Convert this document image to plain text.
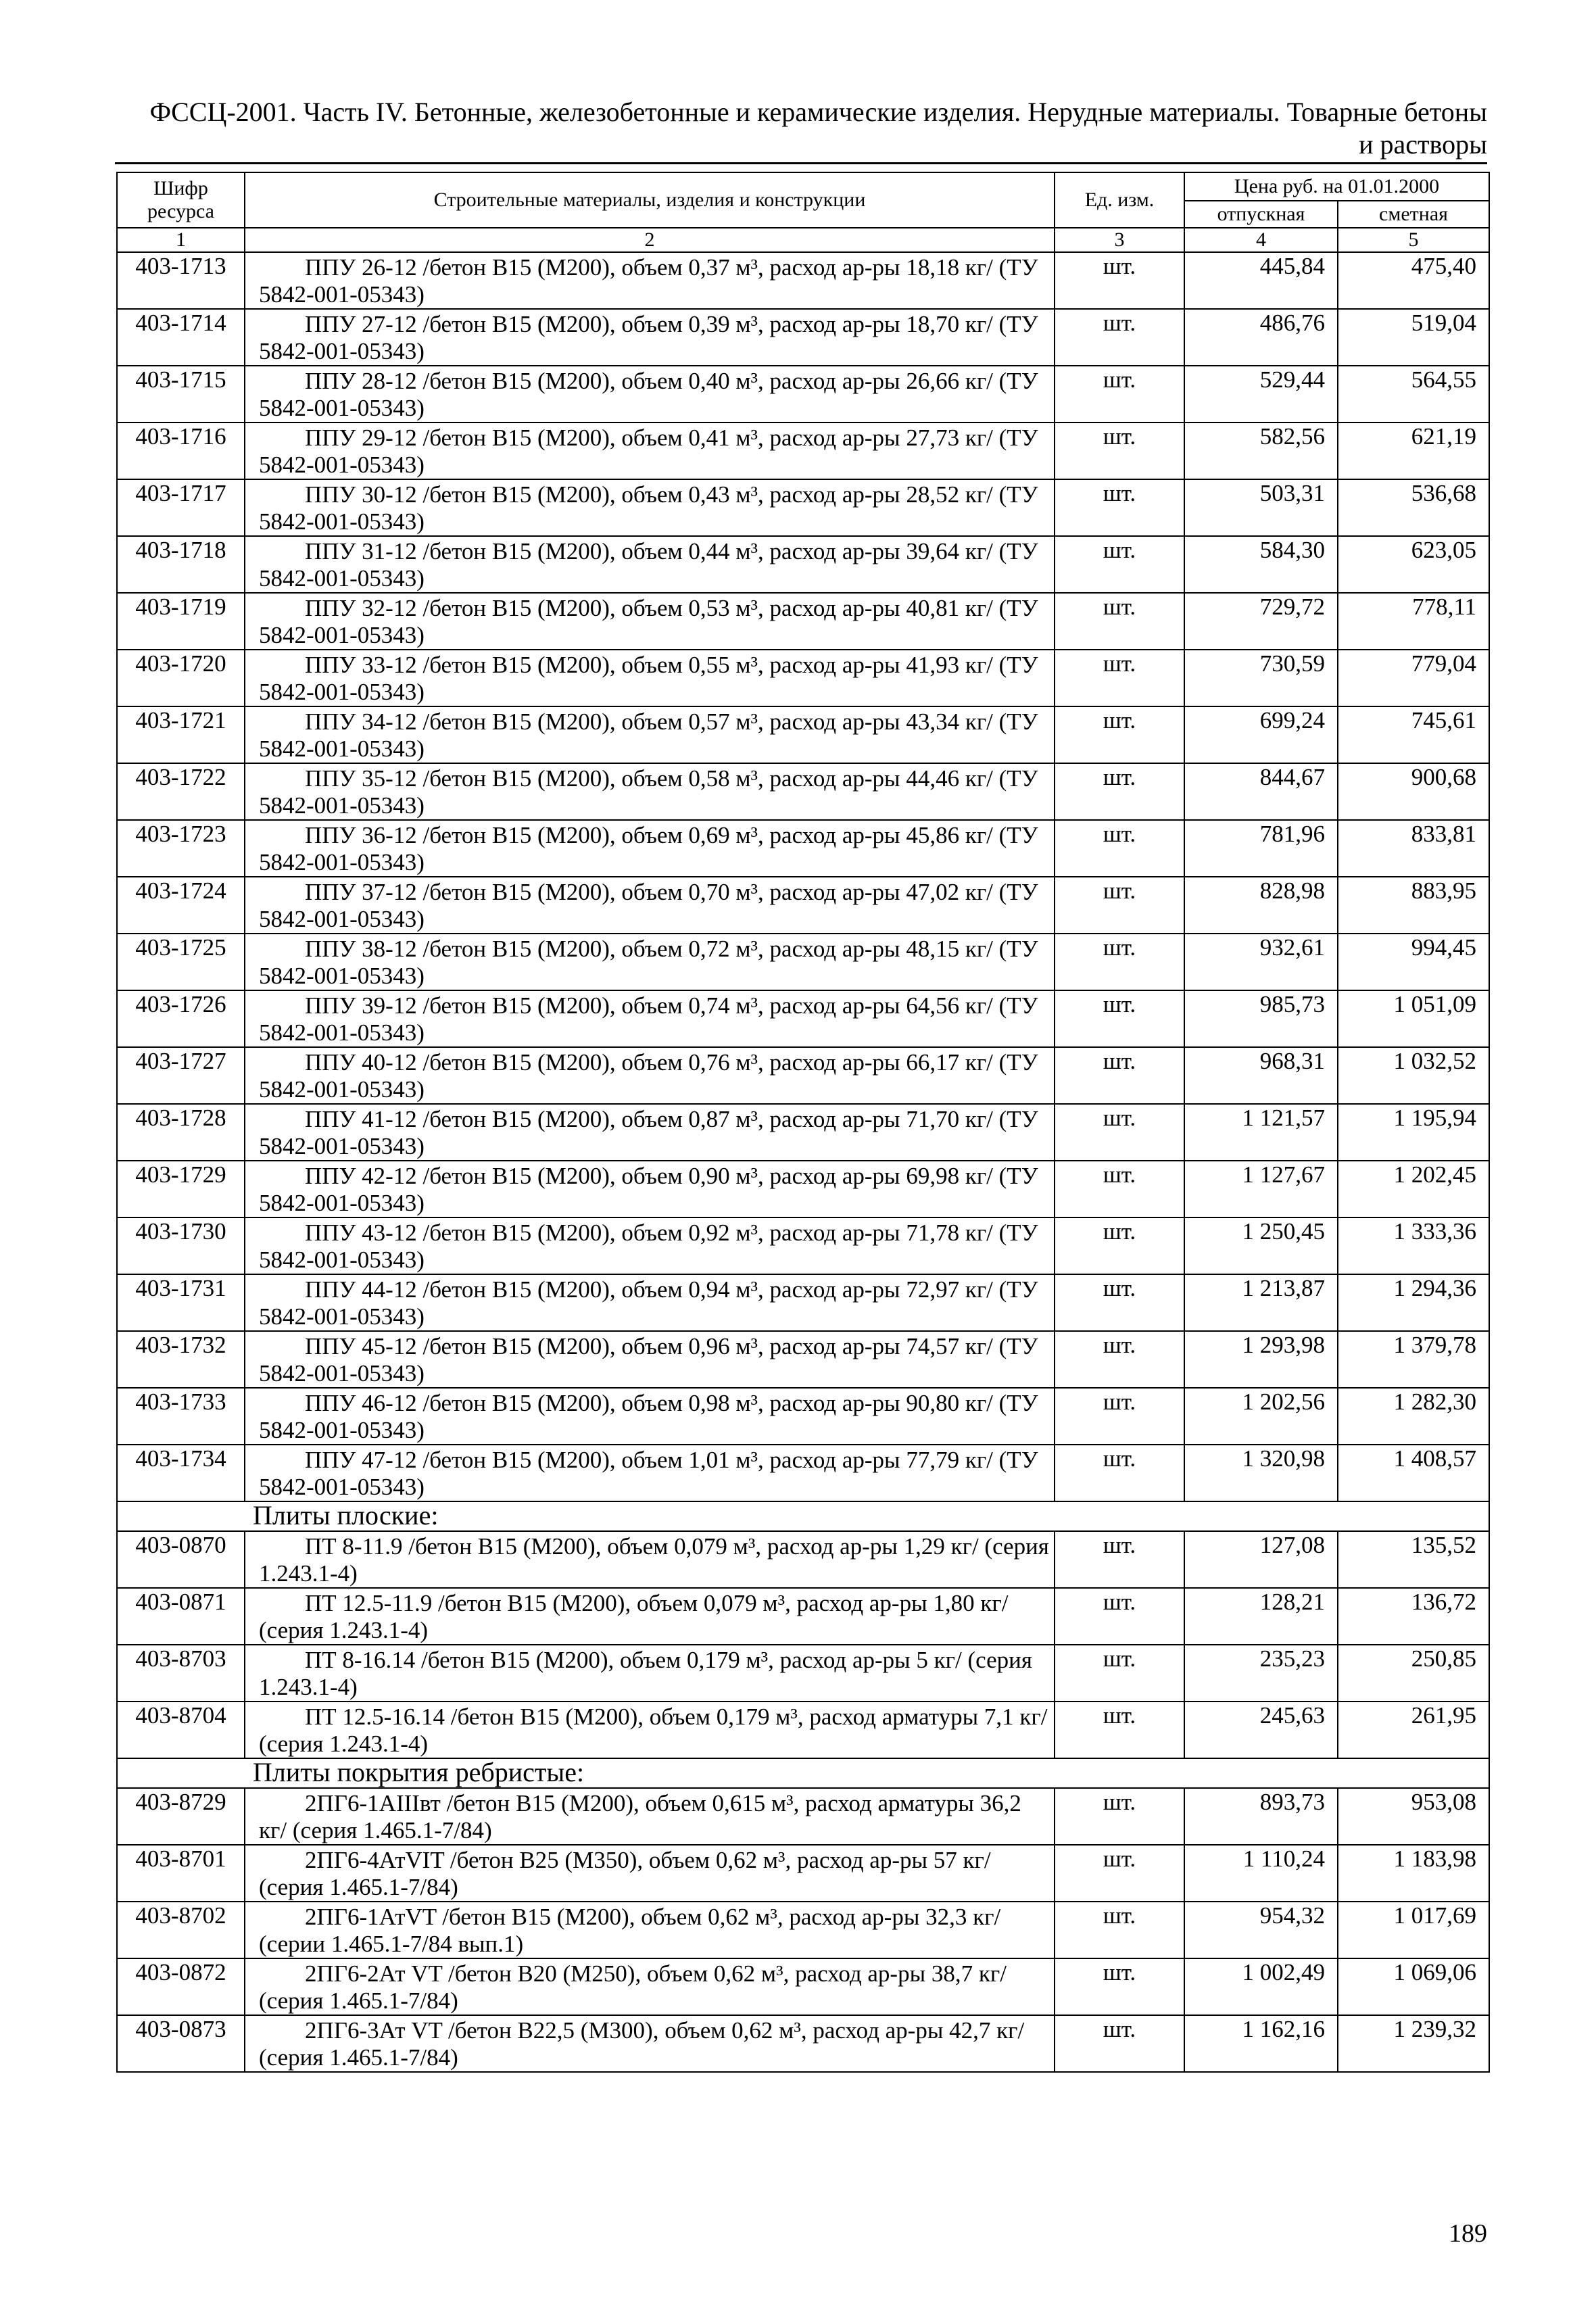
ФССЦ-2001. Часть IV. Бетонные, железобетонные и керамические изделия. Нерудные материалы. Товарные бетоны
и растворы
Шифр ресурса	Строительные материалы, изделия и конструкции	Ед. изм.	Цена руб. на 01.01.2000	
			отпускная	сметная
1	2	3	4	5
403-1713	ППУ 26-12 /бетон В15 (М200), объем 0,37 м³, расход ар-ры 18,18 кг/ (ТУ 5842-001-05343)	шт.	445,84	475,40
403-1714	ППУ 27-12 /бетон В15 (М200), объем 0,39 м³, расход ар-ры 18,70 кг/ (ТУ 5842-001-05343)	шт.	486,76	519,04
403-1715	ППУ 28-12 /бетон В15 (М200), объем 0,40 м³, расход ар-ры 26,66 кг/ (ТУ 5842-001-05343)	шт.	529,44	564,55
403-1716	ППУ 29-12 /бетон В15 (М200), объем 0,41 м³, расход ар-ры 27,73 кг/ (ТУ 5842-001-05343)	шт.	582,56	621,19
403-1717	ППУ 30-12 /бетон В15 (М200), объем 0,43 м³, расход ар-ры 28,52 кг/ (ТУ 5842-001-05343)	шт.	503,31	536,68
403-1718	ППУ 31-12 /бетон В15 (М200), объем 0,44 м³, расход ар-ры 39,64 кг/ (ТУ 5842-001-05343)	шт.	584,30	623,05
403-1719	ППУ 32-12 /бетон В15 (М200), объем 0,53 м³, расход ар-ры 40,81 кг/ (ТУ 5842-001-05343)	шт.	729,72	778,11
403-1720	ППУ 33-12 /бетон В15 (М200), объем 0,55 м³, расход ар-ры 41,93 кг/ (ТУ 5842-001-05343)	шт.	730,59	779,04
403-1721	ППУ 34-12 /бетон В15 (М200), объем 0,57 м³, расход ар-ры 43,34 кг/ (ТУ 5842-001-05343)	шт.	699,24	745,61
403-1722	ППУ 35-12 /бетон В15 (М200), объем 0,58 м³, расход ар-ры 44,46 кг/ (ТУ 5842-001-05343)	шт.	844,67	900,68
403-1723	ППУ 36-12 /бетон В15 (М200), объем 0,69 м³, расход ар-ры 45,86 кг/ (ТУ 5842-001-05343)	шт.	781,96	833,81
403-1724	ППУ 37-12 /бетон В15 (М200), объем 0,70 м³, расход ар-ры 47,02 кг/ (ТУ 5842-001-05343)	шт.	828,98	883,95
403-1725	ППУ 38-12 /бетон В15 (М200), объем 0,72 м³, расход ар-ры 48,15 кг/ (ТУ 5842-001-05343)	шт.	932,61	994,45
403-1726	ППУ 39-12 /бетон В15 (М200), объем 0,74 м³, расход ар-ры 64,56 кг/ (ТУ 5842-001-05343)	шт.	985,73	1 051,09
403-1727	ППУ 40-12 /бетон В15 (М200), объем 0,76 м³, расход ар-ры 66,17 кг/ (ТУ 5842-001-05343)	шт.	968,31	1 032,52
403-1728	ППУ 41-12 /бетон В15 (М200), объем 0,87 м³, расход ар-ры 71,70 кг/ (ТУ 5842-001-05343)	шт.	1 121,57	1 195,94
403-1729	ППУ 42-12 /бетон В15 (М200), объем 0,90 м³, расход ар-ры 69,98 кг/ (ТУ 5842-001-05343)	шт.	1 127,67	1 202,45
403-1730	ППУ 43-12 /бетон В15 (М200), объем 0,92 м³, расход ар-ры 71,78 кг/ (ТУ 5842-001-05343)	шт.	1 250,45	1 333,36
403-1731	ППУ 44-12 /бетон В15 (М200), объем 0,94 м³, расход ар-ры 72,97 кг/ (ТУ 5842-001-05343)	шт.	1 213,87	1 294,36
403-1732	ППУ 45-12 /бетон В15 (М200), объем 0,96 м³, расход ар-ры 74,57 кг/ (ТУ 5842-001-05343)	шт.	1 293,98	1 379,78
403-1733	ППУ 46-12 /бетон В15 (М200), объем 0,98 м³, расход ар-ры 90,80 кг/ (ТУ 5842-001-05343)	шт.	1 202,56	1 282,30
403-1734	ППУ 47-12 /бетон В15 (М200), объем 1,01 м³, расход ар-ры 77,79 кг/ (ТУ 5842-001-05343)	шт.	1 320,98	1 408,57
Плиты плоские:				
403-0870	ПТ 8-11.9 /бетон В15 (М200), объем 0,079 м³, расход ар-ры 1,29 кг/ (серия 1.243.1-4)	шт.	127,08	135,52
403-0871	ПТ 12.5-11.9 /бетон В15 (М200), объем 0,079 м³, расход ар-ры 1,80 кг/ (серия 1.243.1-4)	шт.	128,21	136,72
403-8703	ПТ 8-16.14 /бетон В15 (М200), объем 0,179 м³, расход ар-ры 5 кг/ (серия 1.243.1-4)	шт.	235,23	250,85
403-8704	ПТ 12.5-16.14 /бетон В15 (М200), объем 0,179 м³, расход арматуры 7,1 кг/ (серия 1.243.1-4)	шт.	245,63	261,95
Плиты покрытия ребристые:				
403-8729	2ПГ6-1АIIIвт /бетон В15 (М200), объем 0,615 м³, расход арматуры 36,2 кг/ (серия 1.465.1-7/84)	шт.	893,73	953,08
403-8701	2ПГ6-4АтVIT /бетон В25 (М350), объем 0,62 м³, расход ар-ры 57 кг/ (серия 1.465.1-7/84)	шт.	1 110,24	1 183,98
403-8702	2ПГ6-1АтVT /бетон В15 (М200), объем 0,62 м³, расход ар-ры 32,3 кг/ (серии 1.465.1-7/84 вып.1)	шт.	954,32	1 017,69
403-0872	2ПГ6-2Ат VT /бетон В20 (М250), объем 0,62 м³, расход ар-ры 38,7 кг/ (серия 1.465.1-7/84)	шт.	1 002,49	1 069,06
403-0873	2ПГ6-3Ат VT /бетон В22,5 (М300), объем 0,62 м³, расход ар-ры 42,7 кг/ (серия 1.465.1-7/84)	шт.	1 162,16	1 239,32
189
